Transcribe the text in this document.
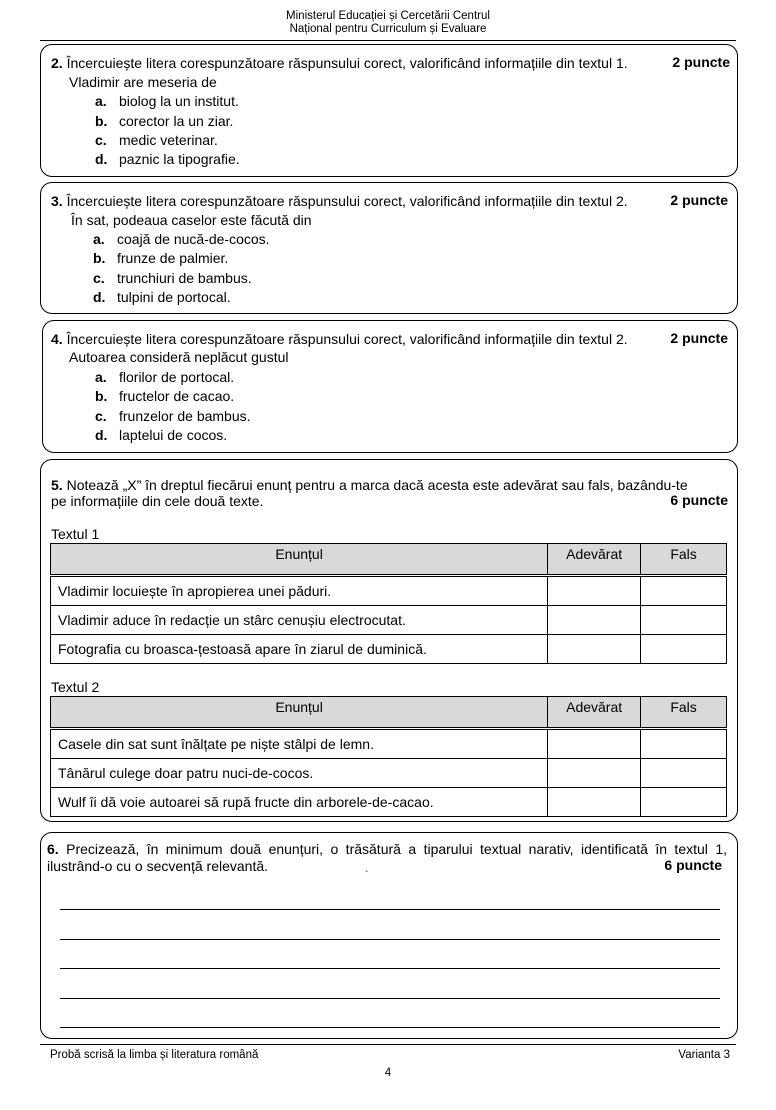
Ministerul Educației și Cercetării Centrul
Național pentru Curriculum și Evaluare
2. Încercuiește litera corespunzătoare răspunsului corect, valorificând informațiile din textul 1.	2 puncte
Vladimir are meseria de
a. biolog la un institut.
b. corector la un ziar.
c. medic veterinar.
d. paznic la tipografie.
3. Încercuiește litera corespunzătoare răspunsului corect, valorificând informațiile din textul 2.	2 puncte
În sat, podeaua caselor este făcută din
a. coajă de nucă-de-cocos.
b. frunze de palmier.
c. trunchiuri de bambus.
d. tulpini de portocal.
4. Încercuiește litera corespunzătoare răspunsului corect, valorificând informațiile din textul 2.	2 puncte
Autoarea consideră neplăcut gustul
a. florilor de portocal.
b. fructelor de cacao.
c. frunzelor de bambus.
d. laptelui de cocos.
5. Notează „X” în dreptul fiecărui enunț pentru a marca dacă acesta este adevărat sau fals, bazându-te
pe informațiile din cele două texte.	6 puncte
Textul 1
Enunțul	Adevărat	Fals

Vladimir locuiește în apropierea unei păduri.		
Vladimir aduce în redacție un stârc cenușiu electrocutat.		
Fotografia cu broasca-țestoasă apare în ziarul de duminică.		
Textul 2
Enunțul	Adevărat	Fals

Casele din sat sunt înălțate pe niște stâlpi de lemn.		
Tânărul culege doar patru nuci-de-cocos.		
Wulf îi dă voie autoarei să rupă fructe din arborele-de-cacao.		
6. Precizează, în minimum două enunțuri, o trăsătură a tiparului textual narativ, identificată în textul 1,
ilustrând-o cu o secvență relevantă.	6 puncte
`
Probă scrisă la limba și literatura română	Varianta 3
4
